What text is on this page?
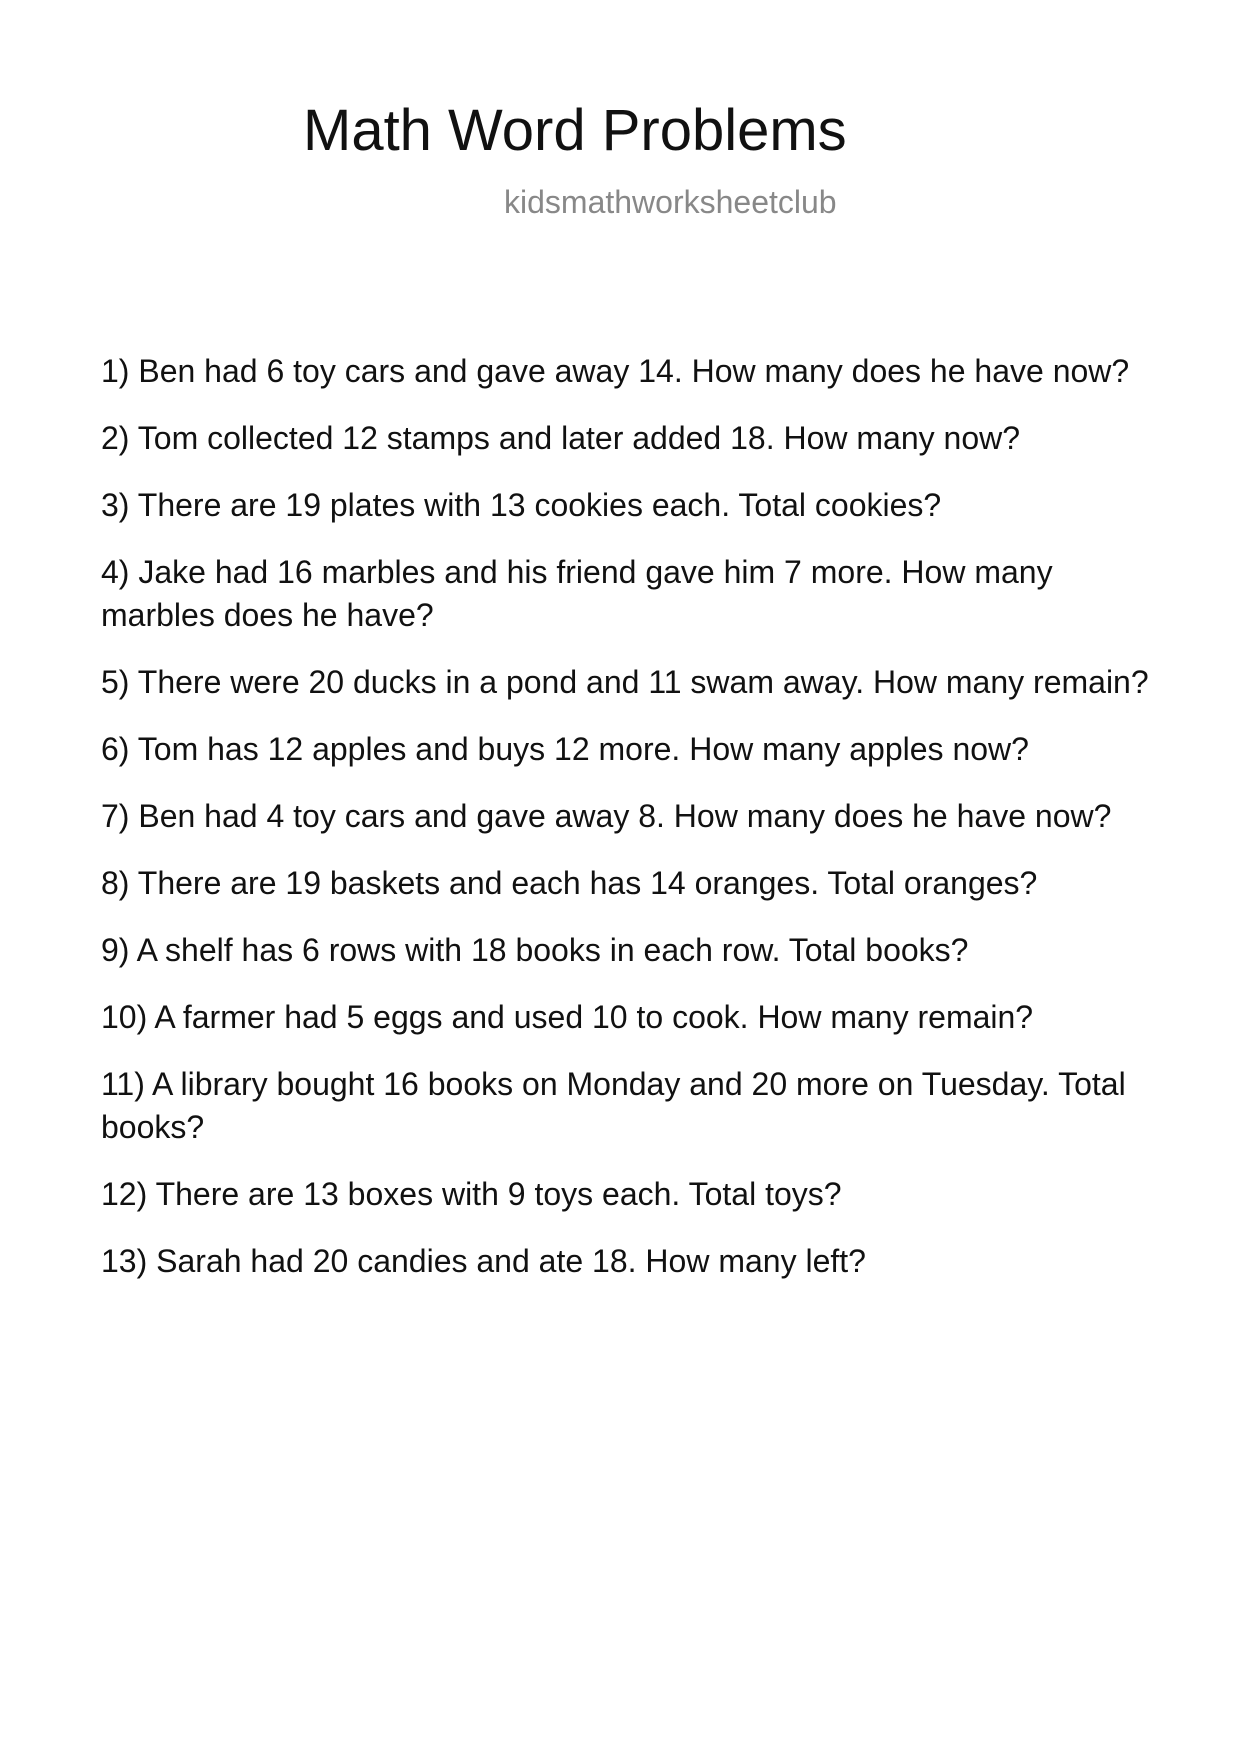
Math Word Problems
kidsmathworksheetclub
1) Ben had 6 toy cars and gave away 14. How many does he have now?
2) Tom collected 12 stamps and later added 18. How many now?
3) There are 19 plates with 13 cookies each. Total cookies?
4) Jake had 16 marbles and his friend gave him 7 more. How many marbles does he have?
5) There were 20 ducks in a pond and 11 swam away. How many remain?
6) Tom has 12 apples and buys 12 more. How many apples now?
7) Ben had 4 toy cars and gave away 8. How many does he have now?
8) There are 19 baskets and each has 14 oranges. Total oranges?
9) A shelf has 6 rows with 18 books in each row. Total books?
10) A farmer had 5 eggs and used 10 to cook. How many remain?
11) A library bought 16 books on Monday and 20 more on Tuesday. Total books?
12) There are 13 boxes with 9 toys each. Total toys?
13) Sarah had 20 candies and ate 18. How many left?
